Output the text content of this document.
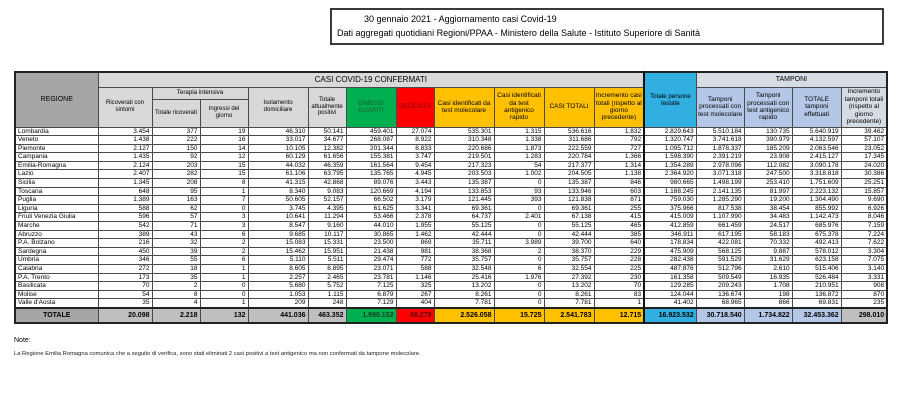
30 gennaio 2021 - Aggiornamento casi Covid-19
Dati aggregati quotidiani Regioni/PPAA - Ministero della Salute - Istituto Superiore di Sanità
REGIONE	CASI COVID-19 CONFERMATI											Totale persone testate	TAMPONI			
	Ricoverati con sintomi	Terapia intensiva		Isolamento domiciliare	Totale attualmente positivi	DIMESSI GUARITI	DECEDUTI	Casi identificati da test molecolare	Casi identificati da test antigenico rapido	CASI TOTALI	Incremento casi totali (rispetto al giorno precedente)		Tamponi processati con test molecolare	Tamponi processati con test antigenico rapido	TOTALE tamponi effettuati	Incremento tamponi totali (rispetto al giorno precedente)
		Totale ricoverati	Ingressi del giorno													
Lombardia	3.454	377	19	46.310	50.141	459.401	27.074	535.301	1.315	536.616	1.832	2.829.643	5.510.184	130.735	5.640.919	39.462
Veneto	1.438	222	16	33.017	34.677	268.087	8.922	310.348	1.338	311.686	792	1.320.747	3.741.618	390.979	4.132.597	57.107
Piemonte	2.127	150	14	10.105	12.382	201.344	8.833	220.686	1.873	222.559	727	1.095.712	1.878.337	185.209	2.063.546	23.052
Campania	1.435	92	12	60.129	61.656	155.381	3.747	219.501	1.283	220.784	1.366	1.598.390	2.391.219	23.908	2.415.127	17.345
Emilia-Romagna	2.124	203	15	44.032	46.359	161.564	9.454	217.323	54	217.377	1.314	1.354.289	2.978.096	112.082	3.090.178	24.020
Lazio	2.407	282	15	61.106	63.795	135.765	4.945	203.503	1.002	204.505	1.138	2.364.920	3.071.318	247.500	3.318.818	30.386
Sicilia	1.345	208	8	41.315	42.868	89.076	3.443	135.387	0	135.387	846	980.665	1.498.199	253.410	1.751.609	25.251
Toscana	648	95	1	8.340	9.083	120.669	4.194	133.853	93	133.946	603	1.188.245	2.141.135	81.997	2.223.132	15.857
Puglia	1.389	163	7	50.605	52.157	66.502	3.179	121.445	393	121.838	871	759.030	1.285.290	19.200	1.304.490	9.690
Liguria	588	62	0	3.745	4.395	61.625	3.341	69.361	0	69.361	255	375.966	817.538	38.454	855.992	6.926
Friuli Venezia Giulia	596	57	3	10.641	11.294	53.466	2.378	64.737	2.401	67.138	415	415.009	1.107.990	34.483	1.142.473	8.046
Marche	542	71	3	8.547	9.160	44.010	1.955	55.125	0	55.125	465	412.859	661.459	24.517	685.976	7.159
Abruzzo	389	43	6	9.685	10.117	30.865	1.462	42.444	0	42.444	385	346.911	617.195	58.183	675.378	7.224
P.A. Bolzano	216	32	2	15.083	15.331	23.500	869	35.711	3.989	39.700	640	178.834	422.081	70.332	492.413	7.622
Sardegna	450	39	2	15.462	15.951	21.438	981	38.368	2	38.370	229	475.909	568.125	9.887	578.012	3.304
Umbria	346	55	6	5.110	5.511	29.474	772	35.757	0	35.757	228	282.438	591.529	31.629	623.158	7.075
Calabria	272	18	1	8.605	8.895	23.071	588	32.548	6	32.554	225	487.876	512.796	2.610	515.406	3.140
P.A. Trento	173	35	1	2.257	2.465	23.781	1.146	25.416	1.976	27.392	230	161.358	509.549	16.935	526.484	3.331
Basilicata	70	2	0	5.680	5.752	7.125	325	13.202	0	13.202	70	129.285	209.243	1.708	210.951	908
Molise	54	8	0	1.053	1.115	6.879	267	8.261	0	8.261	83	124.044	136.674	198	136.872	870
Valle d'Aosta	35	4	1	209	248	7.129	404	7.781	0	7.781	1	41.402	68.965	866	69.831	235
TOTALE	20.098	2.218	132	441.036	463.352	1.990.152	88.279	2.526.058	15.725	2.541.783	12.715	16.923.532	30.718.540	1.734.822	32.453.362	298.010
Note:
La Regione Emilia Romagna comunica che a seguito di verifica, sono stati eliminati 2 casi positivi a test antigenico ma non confermati da tampone molecolare.
